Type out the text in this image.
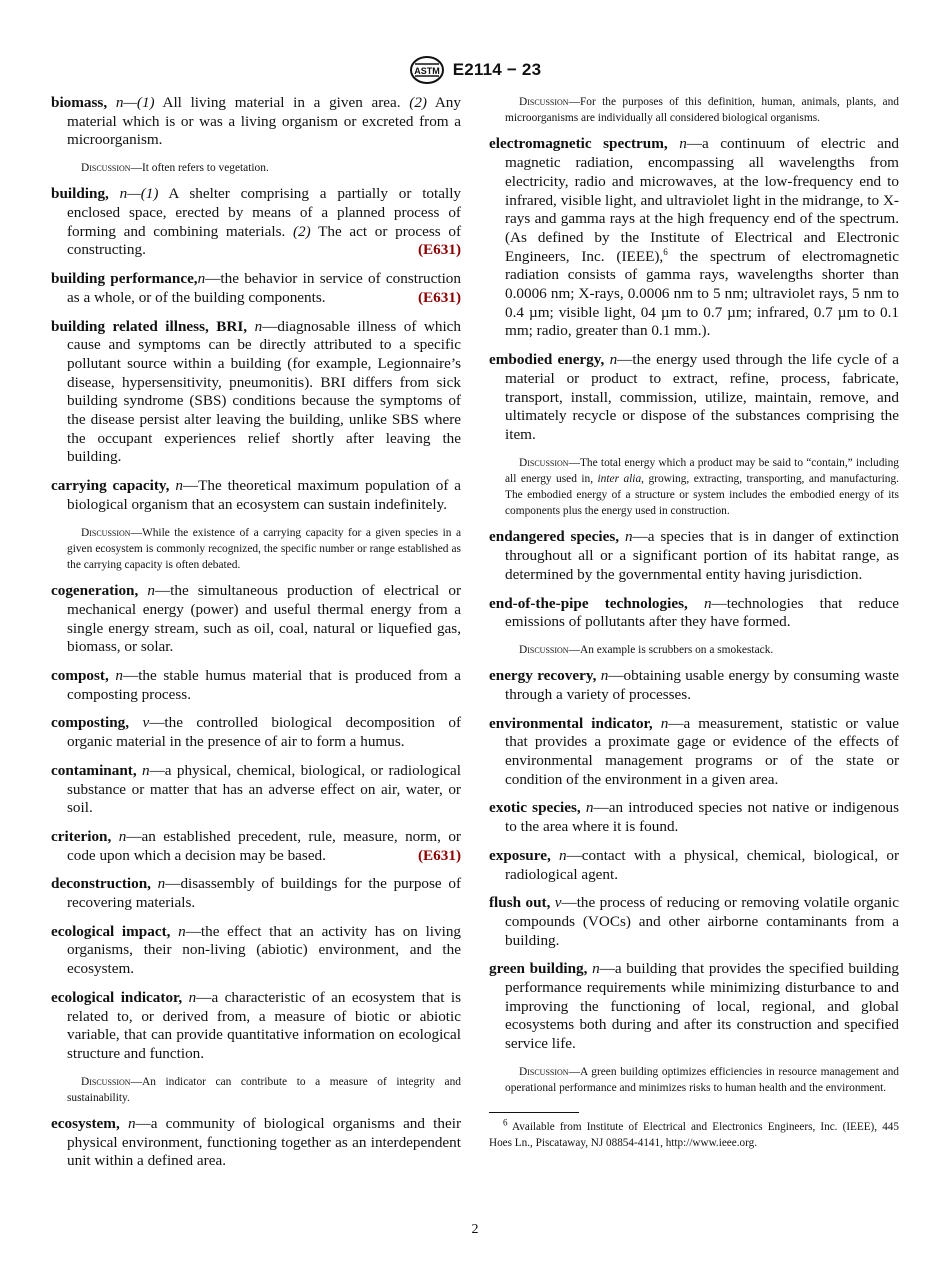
ASTM E2114 − 23

biomass, n—(1) All living material in a given area. (2) Any material which is or was a living organism or excreted from a microorganism.

Discussion—It often refers to vegetation.

building, n—(1) A shelter comprising a partially or totally enclosed space, erected by means of a planned process of forming and combining materials. (2) The act or process of constructing.	(E631)

building performance,n—the behavior in service of construction as a whole, or of the building components.	(E631)

building related illness, BRI, n—diagnosable illness of which cause and symptoms can be directly attributed to a specific pollutant source within a building (for example, Legionnaire’s disease, hypersensitivity, pneumonitis). BRI differs from sick building syndrome (SBS) conditions because the symptoms of the disease persist alter leaving the building, unlike SBS where the occupant experiences relief shortly after leaving the building.

carrying capacity, n—The theoretical maximum population of a biological organism that an ecosystem can sustain indefinitely.

Discussion—While the existence of a carrying capacity for a given species in a given ecosystem is commonly recognized, the specific number or range established as the carrying capacity is often debated.

cogeneration, n—the simultaneous production of electrical or mechanical energy (power) and useful thermal energy from a single energy stream, such as oil, coal, natural or liquefied gas, biomass, or solar.

compost, n—the stable humus material that is produced from a composting process.

composting, v—the controlled biological decomposition of organic material in the presence of air to form a humus.

contaminant, n—a physical, chemical, biological, or radiological substance or matter that has an adverse effect on air, water, or soil.

criterion, n—an established precedent, rule, measure, norm, or code upon which a decision may be based.	(E631)

deconstruction, n—disassembly of buildings for the purpose of recovering materials.

ecological impact, n—the effect that an activity has on living organisms, their non-living (abiotic) environment, and the ecosystem.

ecological indicator, n—a characteristic of an ecosystem that is related to, or derived from, a measure of biotic or abiotic variable, that can provide quantitative information on ecological structure and function.

Discussion—An indicator can contribute to a measure of integrity and sustainability.

ecosystem, n—a community of biological organisms and their physical environment, functioning together as an interdependent unit within a defined area.

Discussion—For the purposes of this definition, human, animals, plants, and microorganisms are individually all considered biological organisms.

electromagnetic spectrum, n—a continuum of electric and magnetic radiation, encompassing all wavelengths from electricity, radio and microwaves, at the low-frequency end to infrared, visible light, and ultraviolet light in the midrange, to X-rays and gamma rays at the high frequency end of the spectrum. (As defined by the Institute of Electrical and Electronic Engineers, Inc. (IEEE),$^6$ the spectrum of electromagnetic radiation consists of gamma rays, wavelengths shorter than 0.0006 nm; X-rays, 0.0006 nm to 5 nm; ultraviolet rays, 5 nm to 0.4 µm; visible light, 04 µm to 0.7 µm; infrared, 0.7 µm to 0.1 mm; radio, greater than 0.1 mm.).

embodied energy, n—the energy used through the life cycle of a material or product to extract, refine, process, fabricate, transport, install, commission, utilize, maintain, remove, and ultimately recycle or dispose of the substances comprising the item.

Discussion—The total energy which a product may be said to “contain,” including all energy used in, inter alia, growing, extracting, transporting, and manufacturing. The embodied energy of a structure or system includes the embodied energy of its components plus the energy used in construction.

endangered species, n—a species that is in danger of extinction throughout all or a significant portion of its habitat range, as determined by the governmental entity having jurisdiction.

end-of-the-pipe technologies, n—technologies that reduce emissions of pollutants after they have formed.

Discussion—An example is scrubbers on a smokestack.

energy recovery, n—obtaining usable energy by consuming waste through a variety of processes.

environmental indicator, n—a measurement, statistic or value that provides a proximate gage or evidence of the effects of environmental management programs or of the state or condition of the environment in a given area.

exotic species, n—an introduced species not native or indigenous to the area where it is found.

exposure, n—contact with a physical, chemical, biological, or radiological agent.

flush out, v—the process of reducing or removing volatile organic compounds (VOCs) and other airborne contaminants from a building.

green building, n—a building that provides the specified building performance requirements while minimizing disturbance to and improving the functioning of local, regional, and global ecosystems both during and after its construction and specified service life.

Discussion—A green building optimizes efficiencies in resource management and operational performance and minimizes risks to human health and the environment.

$^6$ Available from Institute of Electrical and Electronics Engineers, Inc. (IEEE), 445 Hoes Ln., Piscataway, NJ 08854-4141, http://www.ieee.org.

2
